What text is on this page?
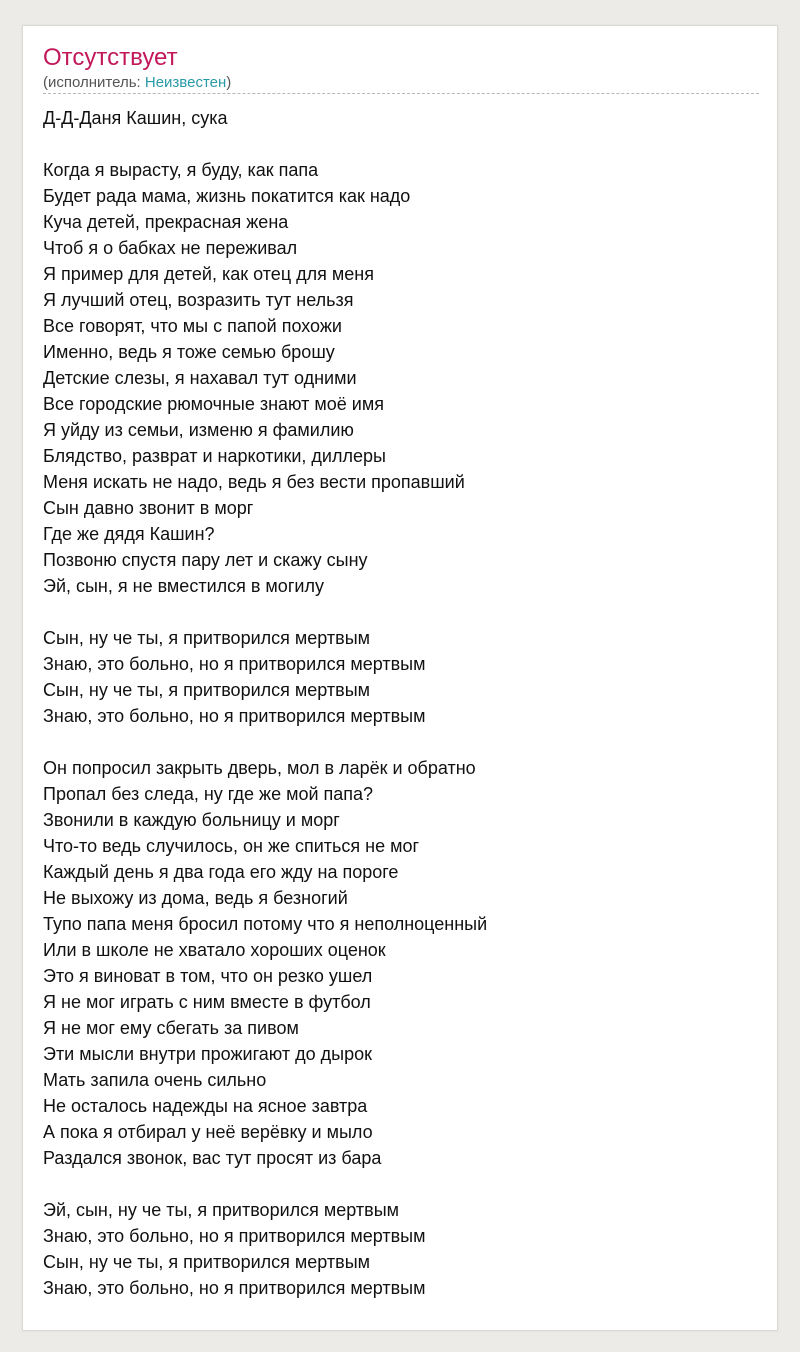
Отсутствует
(исполнитель: Неизвестен)
Д-Д-Даня Кашин, сука
Когда я вырасту, я буду, как папа
Будет рада мама, жизнь покатится как надо
Куча детей, прекрасная жена
Чтоб я о бабках не переживал
Я пример для детей, как отец для меня
Я лучший отец, возразить тут нельзя
Все говорят, что мы с папой похожи
Именно, ведь я тоже семью брошу
Детские слезы, я нахавал тут одними
Все городские рюмочные знают моё имя
Я уйду из семьи, изменю я фамилию
Блядство, разврат и наркотики, диллеры
Меня искать не надо, ведь я без вести пропавший
Сын давно звонит в морг
Где же дядя Кашин?
Позвоню спустя пару лет и скажу сыну
Эй, сын, я не вместился в могилу
Сын, ну че ты, я притворился мертвым
Знаю, это больно, но я притворился мертвым
Сын, ну че ты, я притворился мертвым
Знаю, это больно, но я притворился мертвым
Он попросил закрыть дверь, мол в ларёк и обратно
Пропал без следа, ну где же мой папа?
Звонили в каждую больницу и морг
Что-то ведь случилось, он же спиться не мог
Каждый день я два года его жду на пороге
Не выхожу из дома, ведь я безногий
Тупо папа меня бросил потому что я неполноценный
Или в школе не хватало хороших оценок
Это я виноват в том, что он резко ушел
Я не мог играть с ним вместе в футбол
Я не мог ему сбегать за пивом
Эти мысли внутри прожигают до дырок
Мать запила очень сильно
Не осталось надежды на ясное завтра
А пока я отбирал у неё верёвку и мыло
Раздался звонок, вас тут просят из бара
Эй, сын, ну че ты, я притворился мертвым
Знаю, это больно, но я притворился мертвым
Сын, ну че ты, я притворился мертвым
Знаю, это больно, но я притворился мертвым
